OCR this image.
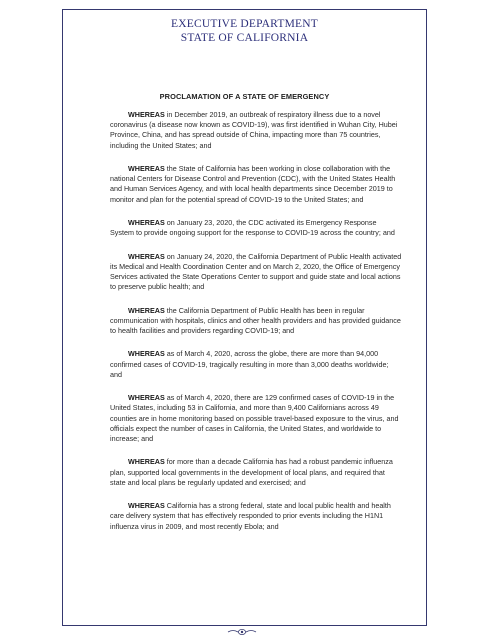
EXECUTIVE DEPARTMENT
STATE OF CALIFORNIA
PROCLAMATION OF A STATE OF EMERGENCY

WHEREAS in December 2019, an outbreak of respiratory illness due to a novel coronavirus (a disease now known as COVID-19), was first identified in Wuhan City, Hubei Province, China, and has spread outside of China, impacting more than 75 countries, including the United States; and

WHEREAS the State of California has been working in close collaboration with the national Centers for Disease Control and Prevention (CDC), with the United States Health and Human Services Agency, and with local health departments since December 2019 to monitor and plan for the potential spread of COVID-19 to the United States; and

WHEREAS on January 23, 2020, the CDC activated its Emergency Response System to provide ongoing support for the response to COVID-19 across the country; and

WHEREAS on January 24, 2020, the California Department of Public Health activated its Medical and Health Coordination Center and on March 2, 2020, the Office of Emergency Services activated the State Operations Center to support and guide state and local actions to preserve public health; and

WHEREAS the California Department of Public Health has been in regular communication with hospitals, clinics and other health providers and has provided guidance to health facilities and providers regarding COVID-19; and

WHEREAS as of March 4, 2020, across the globe, there are more than 94,000 confirmed cases of COVID-19, tragically resulting in more than 3,000 deaths worldwide; and

WHEREAS as of March 4, 2020, there are 129 confirmed cases of COVID-19 in the United States, including 53 in California, and more than 9,400 Californians across 49 counties are in home monitoring based on possible travel-based exposure to the virus, and officials expect the number of cases in California, the United States, and worldwide to increase; and

WHEREAS for more than a decade California has had a robust pandemic influenza plan, supported local governments in the development of local plans, and required that state and local plans be regularly updated and exercised; and

WHEREAS California has a strong federal, state and local public health and health care delivery system that has effectively responded to prior events including the H1N1 influenza virus in 2009, and most recently Ebola; and
